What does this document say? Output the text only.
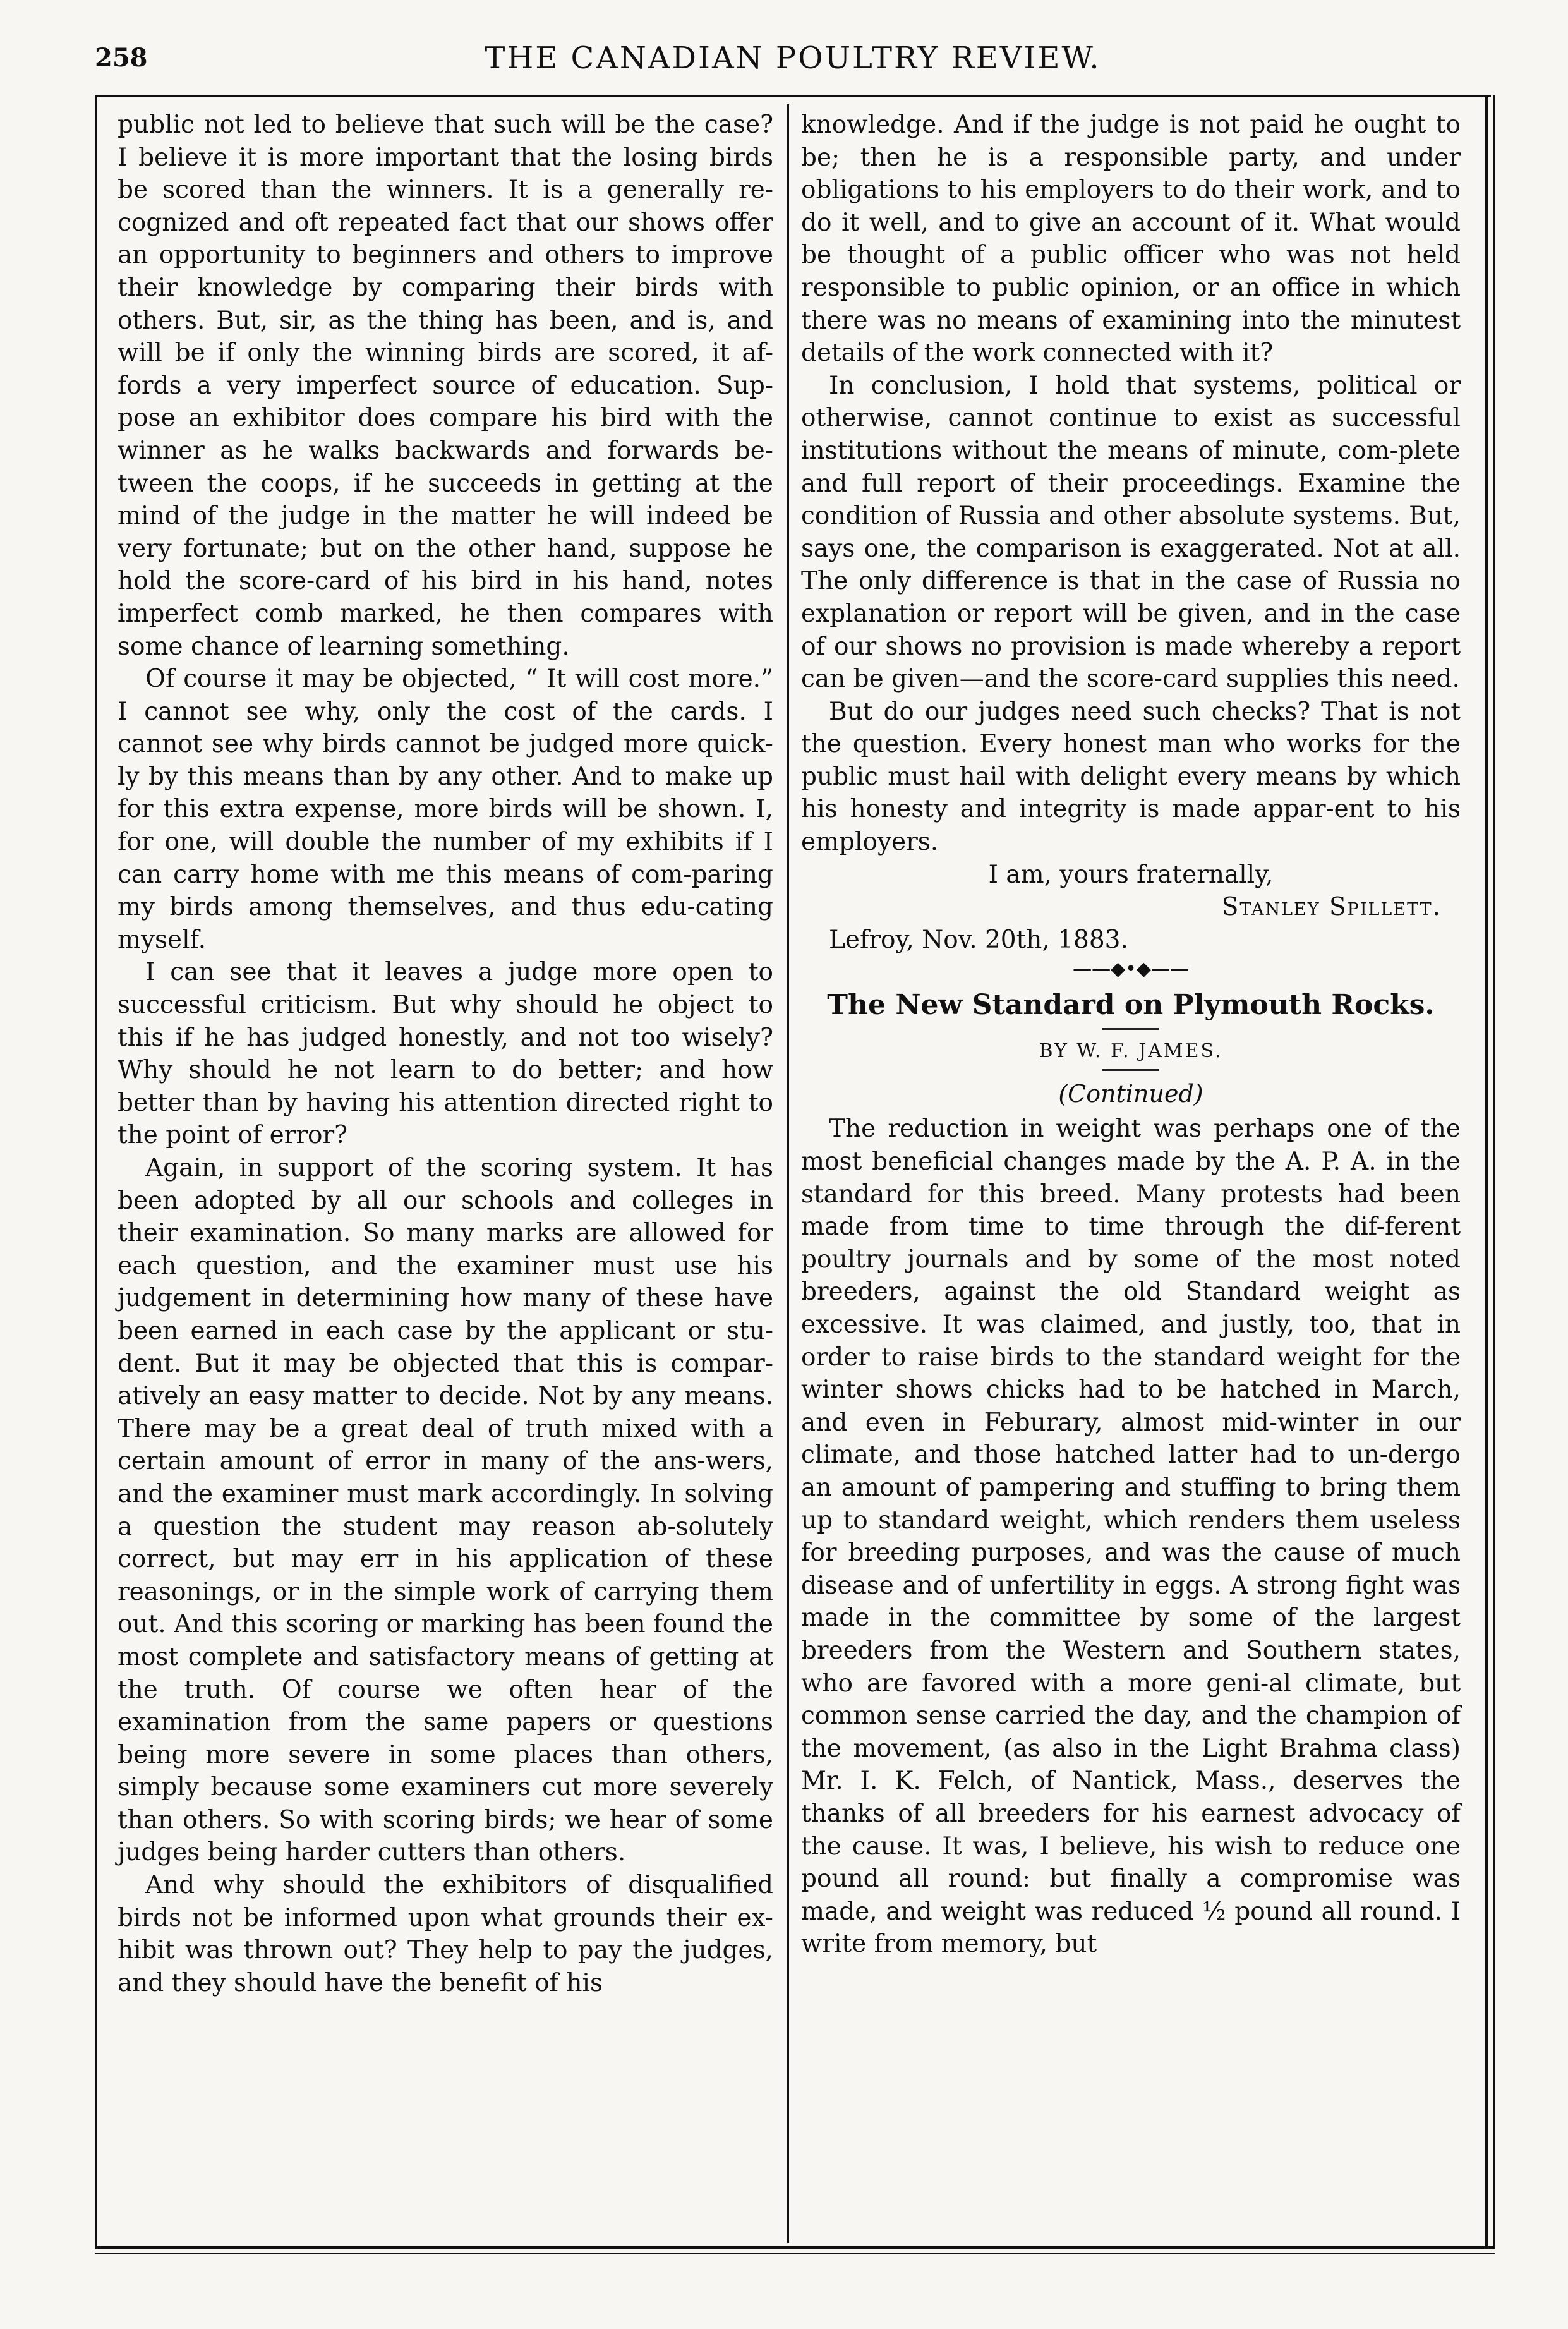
258	THE CANADIAN POULTRY REVIEW.

public not led to believe that such will be the case? I believe it is more important that the losing birds be scored than the winners. It is a generally re-cognized and oft repeated fact that our shows offer an opportunity to beginners and others to improve their knowledge by comparing their birds with others. But, sir, as the thing has been, and is, and will be if only the winning birds are scored, it af-fords a very imperfect source of education. Sup-pose an exhibitor does compare his bird with the winner as he walks backwards and forwards be-tween the coops, if he succeeds in getting at the mind of the judge in the matter he will indeed be very fortunate; but on the other hand, suppose he hold the score-card of his bird in his hand, notes imperfect comb marked, he then compares with some chance of learning something.

Of course it may be objected, “ It will cost more.” I cannot see why, only the cost of the cards. I cannot see why birds cannot be judged more quick-ly by this means than by any other. And to make up for this extra expense, more birds will be shown. I, for one, will double the number of my exhibits if I can carry home with me this means of com-paring my birds among themselves, and thus edu-cating myself.

I can see that it leaves a judge more open to successful criticism. But why should he object to this if he has judged honestly, and not too wisely? Why should he not learn to do better; and how better than by having his attention directed right to the point of error?

Again, in support of the scoring system. It has been adopted by all our schools and colleges in their examination. So many marks are allowed for each question, and the examiner must use his judgement in determining how many of these have been earned in each case by the applicant or stu-dent. But it may be objected that this is compar-atively an easy matter to decide. Not by any means. There may be a great deal of truth mixed with a certain amount of error in many of the ans-wers, and the examiner must mark accordingly. In solving a question the student may reason ab-solutely correct, but may err in his application of these reasonings, or in the simple work of carrying them out. And this scoring or marking has been found the most complete and satisfactory means of getting at the truth. Of course we often hear of the examination from the same papers or questions being more severe in some places than others, simply because some examiners cut more severely than others. So with scoring birds; we hear of some judges being harder cutters than others.

And why should the exhibitors of disqualified birds not be informed upon what grounds their ex-hibit was thrown out? They help to pay the judges, and they should have the benefit of his

knowledge. And if the judge is not paid he ought to be; then he is a responsible party, and under obligations to his employers to do their work, and to do it well, and to give an account of it. What would be thought of a public officer who was not held responsible to public opinion, or an office in which there was no means of examining into the minutest details of the work connected with it?

In conclusion, I hold that systems, political or otherwise, cannot continue to exist as successful institutions without the means of minute, com-plete and full report of their proceedings. Examine the condition of Russia and other absolute systems. But, says one, the comparison is exaggerated. Not at all. The only difference is that in the case of Russia no explanation or report will be given, and in the case of our shows no provision is made whereby a report can be given—and the score-card supplies this need.

But do our judges need such checks? That is not the question. Every honest man who works for the public must hail with delight every means by which his honesty and integrity is made appar-ent to his employers.

I am, yours fraternally,

Stanley Spillett.

Lefroy, Nov. 20th, 1883.

——◆•◆——
The New Standard on Plymouth Rocks.
BY W. F. JAMES.
(Continued)

The reduction in weight was perhaps one of the most beneficial changes made by the A. P. A. in the standard for this breed. Many protests had been made from time to time through the dif-ferent poultry journals and by some of the most noted breeders, against the old Standard weight as excessive. It was claimed, and justly, too, that in order to raise birds to the standard weight for the winter shows chicks had to be hatched in March, and even in Feburary, almost mid-winter in our climate, and those hatched latter had to un-dergo an amount of pampering and stuffing to bring them up to standard weight, which renders them useless for breeding purposes, and was the cause of much disease and of unfertility in eggs. A strong fight was made in the committee by some of the largest breeders from the Western and Southern states, who are favored with a more geni-al climate, but common sense carried the day, and the champion of the movement, (as also in the Light Brahma class) Mr. I. K. Felch, of Nantick, Mass., deserves the thanks of all breeders for his earnest advocacy of the cause. It was, I believe, his wish to reduce one pound all round: but finally a compromise was made, and weight was reduced ½ pound all round. I write from memory, but
